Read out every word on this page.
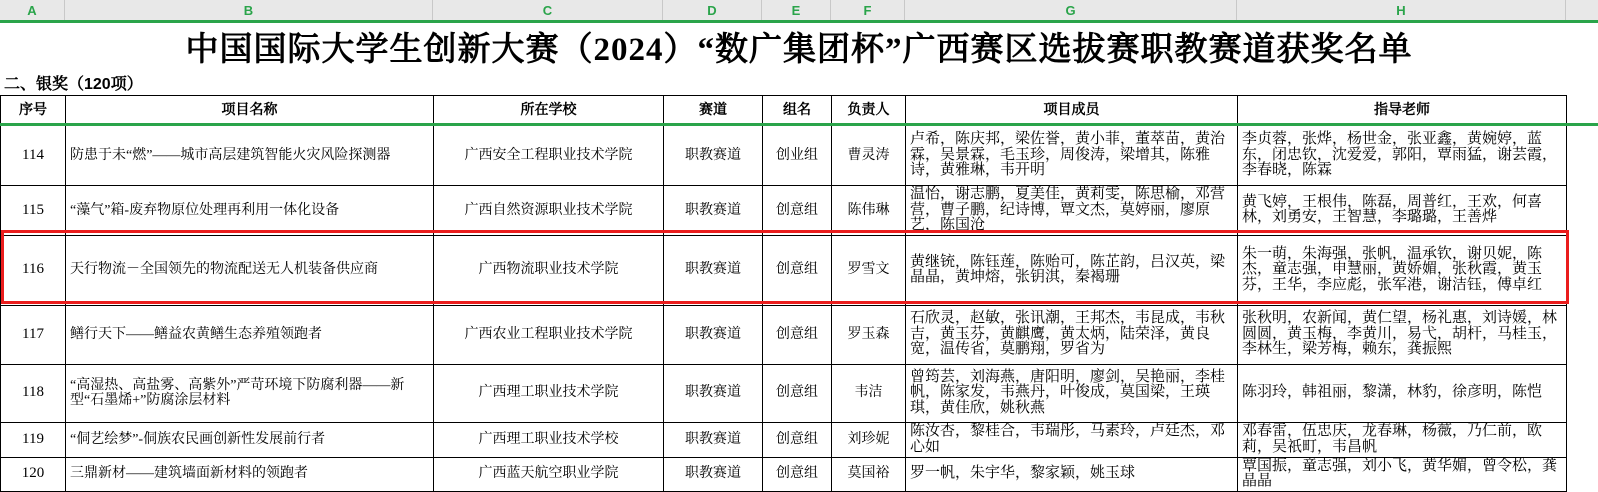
A	B	C	D	E	F	G	H
中国国际大学生创新大赛（2024）“数广集团杯”广西赛区选拔赛职教赛道获奖名单
二、银奖（120项）
序号	项目名称	所在学校	赛道	组名	负责人	项目成员	指导老师
114	防患于未“燃”——城市高层建筑智能火灾风险探测器	广西安全工程职业技术学院	职教赛道	创业组	曹灵涛	卢希，陈庆邦，梁佐誉，黄小菲，董萃苗，黄治霖，吴景霖，毛玉珍，周俊涛，梁增其，陈雅诗，黄雅琳，韦开明	李贞蓉，张烨，杨世金，张亚鑫，黄婉婷，蓝东，闭忠钦，沈爱爱，郭阳，覃雨猛，谢芸霞，李春晓，陈霖
115	“藻气”箱-废弃物原位处理再利用一体化设备	广西自然资源职业技术学院	职教赛道	创意组	陈伟琳	温怡，谢志鹏，夏美佳，黄莉雯，陈思榆，邓营营，曹子鹏，纪诗博，覃文杰，莫婷丽，廖原艺，陈国沧	黄飞婷，王根伟，陈磊，周普红，王欢，何喜林，刘勇安，王智慧，李璐璐，王善烨
116	天行物流－全国领先的物流配送无人机装备供应商	广西物流职业技术学院	职教赛道	创意组	罗雪文	黄继铳，陈钰莲，陈贻可，陈芷韵，吕汉英，梁晶晶，黄坤熔，张钥淇，秦褐珊	朱一萌，朱海强，张帆，温承钦，谢贝妮，陈杰，童志强，申慧丽，黄娇媚，张秋霞，黄玉芬，王华，李应彪，张军港，谢洁钰，傅卓红
117	鳝行天下——鳝益农黄鳝生态养殖领跑者	广西农业工程职业技术学院	职教赛道	创意组	罗玉森	石欣灵，赵敏，张讯潮，王邦杰，韦昆成，韦秋吉，黄玉芬，黄麒鹰，黄太炳，陆荣泽，黄良宽，温传省，莫鹏翔，罗省为	张秋明，农新闻，黄仁望，杨礼惠，刘诗媛，林圆圆，黄玉梅，李黄川，易弋，胡杆，马桂玉，李林生，梁芳梅，赖东，龚振熙
118	“高湿热、高盐雾、高紫外”严苛环境下防腐利器——新型“石墨烯+”防腐涂层材料	广西理工职业技术学院	职教赛道	创意组	韦洁	曾筠芸，刘海燕，唐阳明，廖剑，吴艳丽，李桂帆，陈家发，韦燕丹，叶俊成，莫国梁，王瑛琪，黄佳欣，姚秋燕	陈羽玲，韩祖丽，黎潇，林豹，徐彦明，陈恺
119	“侗艺绘梦”-侗族农民画创新性发展前行者	广西理工职业技术学校	职教赛道	创意组	刘珍妮	陈汝杏，黎桂合，韦瑞彤，马素玲，卢廷杰，邓心如	邓春雷，伍忠庆，龙春琳，杨薇，乃仁前，欧莉，吴祇町，韦昌帆
120	三鼎新材——建筑墙面新材料的领跑者	广西蓝天航空职业学院	职教赛道	创意组	莫国裕	罗一帆，朱宇华，黎家颖，姚玉球	覃国振，童志强，刘小飞，黄华媚，曾令松，龚晶晶
